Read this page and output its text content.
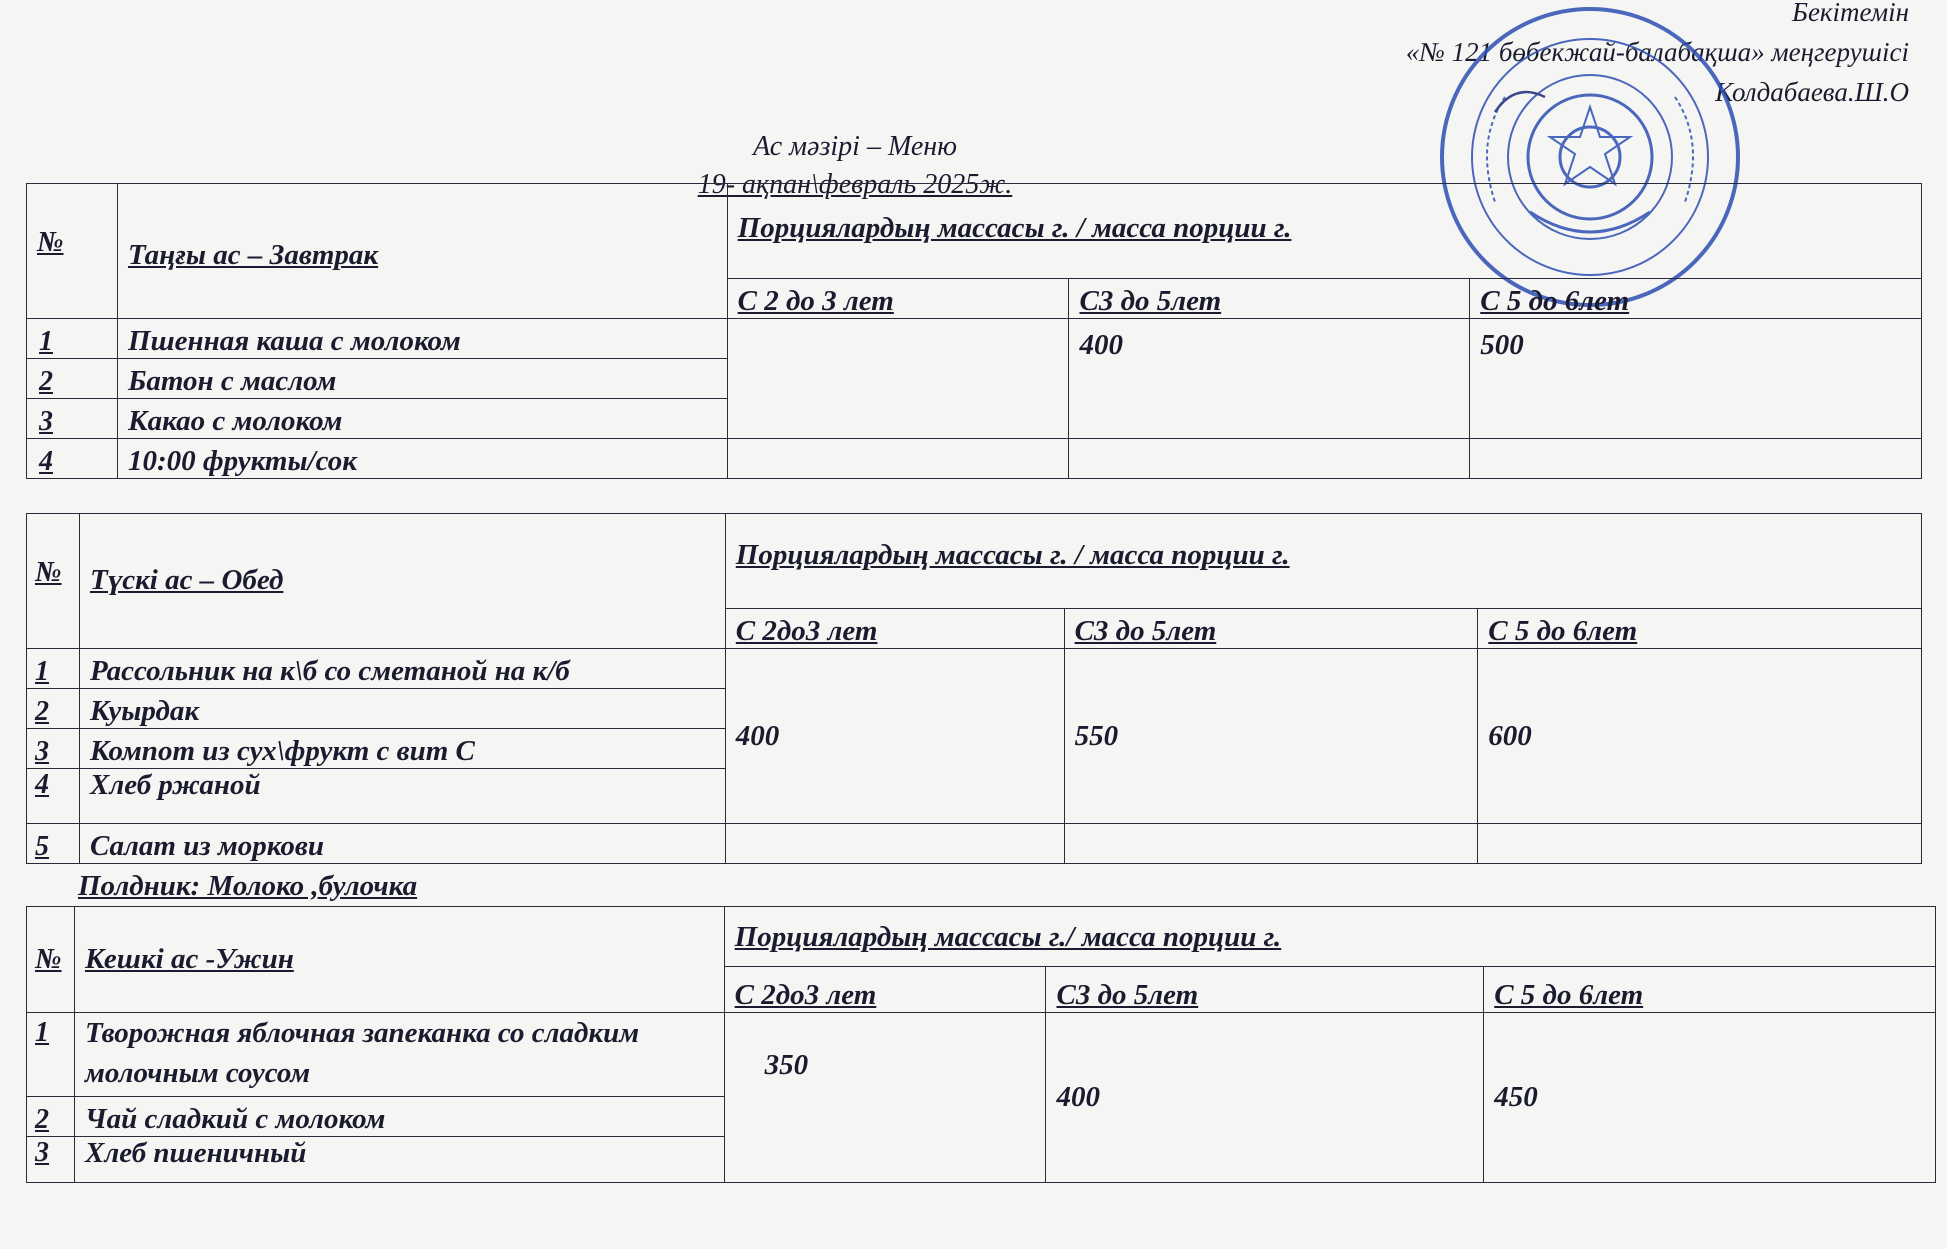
Бекітемін
«№ 121 бөбекжай-балабақша» меңгерушісі
Колдабаева.Ш.О
Ас мәзірі – Меню
19- ақпан\февраль 2025ж.
№	Таңғы ас – Завтрак	Порциялардың массасы г. / масса порции г.		
		С 2 до 3 лет	С3 до 5лет	С 5 до 6лет
1	Пшенная каша с молоком		400	500
2	Батон с маслом			
3	Какао с молоком			
4	10:00 фрукты/сок			
№	Түскі ас – Обед	Порциялардың массасы г. / масса порции г.		
		С 2до3 лет	С3 до 5лет	С 5 до 6лет
1	Рассольник на к\б со сметаной на к/б	400	550	600
2	Куырдак			
3	Компот из сух\фрукт с вит С			
4	Хлеб ржаной			
5	Салат из моркови			
Полдник: Молоко ,булочка
№	Кешкі ас -Ужин	Порциялардың массасы г./ масса порции г.		
		С 2до3 лет	С3 до 5лет	С 5 до 6лет
1	Творожная яблочная запеканка со сладким молочным соусом	350	400	450
2	Чай сладкий с молоком			
3	Хлеб пшеничный			
